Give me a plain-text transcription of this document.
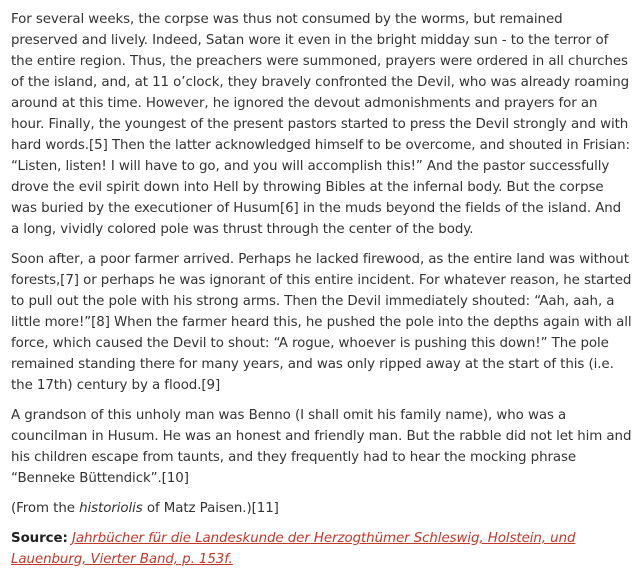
For several weeks, the corpse was thus not consumed by the worms, but remained preserved and lively. Indeed, Satan wore it even in the bright midday sun - to the terror of the entire region. Thus, the preachers were summoned, prayers were ordered in all churches of the island, and, at 11 o’clock, they bravely confronted the Devil, who was already roaming around at this time. However, he ignored the devout admonishments and prayers for an hour. Finally, the youngest of the present pastors started to press the Devil strongly and with hard words.[5] Then the latter acknowledged himself to be overcome, and shouted in Frisian: “Listen, listen! I will have to go, and you will accomplish this!” And the pastor successfully drove the evil spirit down into Hell by throwing Bibles at the infernal body. But the corpse was buried by the executioner of Husum[6] in the muds beyond the fields of the island. And a long, vividly colored pole was thrust through the center of the body.

Soon after, a poor farmer arrived. Perhaps he lacked firewood, as the entire land was without forests,[7] or perhaps he was ignorant of this entire incident. For whatever reason, he started to pull out the pole with his strong arms. Then the Devil immediately shouted: “Aah, aah, a little more!”[8] When the farmer heard this, he pushed the pole into the depths again with all force, which caused the Devil to shout: “A rogue, whoever is pushing this down!” The pole remained standing there for many years, and was only ripped away at the start of this (i.e. the 17th) century by a flood.[9]

A grandson of this unholy man was Benno (I shall omit his family name), who was a councilman in Husum. He was an honest and friendly man. But the rabble did not let him and his children escape from taunts, and they frequently had to hear the mocking phrase “Benneke Büttendick”.[10]

(From the historiolis of Matz Paisen.)[11]

Source: Jahrbücher für die Landeskunde der Herzogthümer Schleswig, Holstein, und Lauenburg, Vierter Band, p. 153f.
